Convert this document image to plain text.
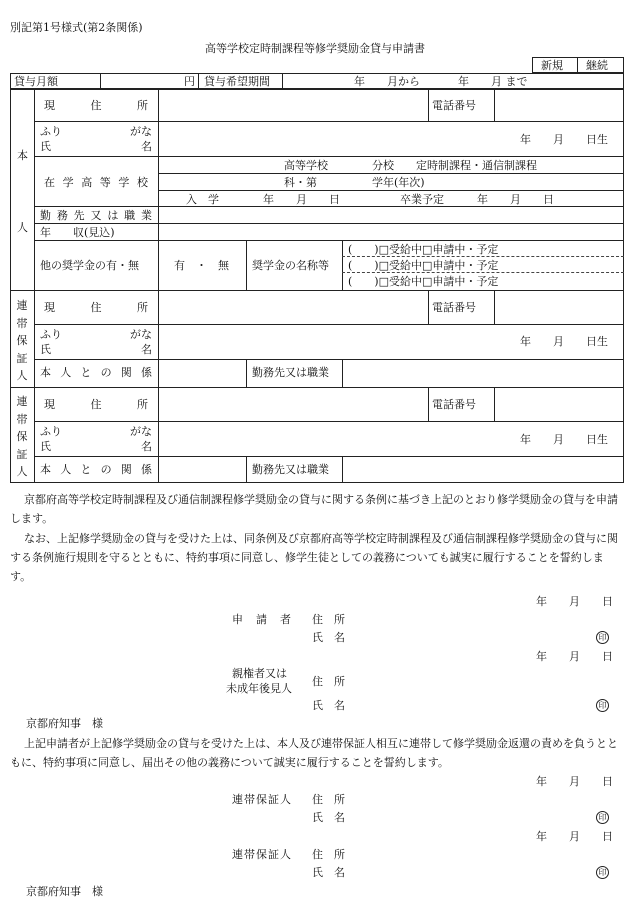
別記第1号様式(第2条関係)
高等学校定時制課程等修学奨励金貸与申請書
新規 継続
貸与月額	円 貸与希望期間	年　　月から	年　　月 まで
本
人
現	住	所	電話番号
ふり	がな
氏	名
年　　月　　日生
在 学 高 等 学 校
高等学校　　　　分校　　定時制課程・通信制課程
科・第　　　　　学年(年次)
入　学　　　　年　　月　　日	卒業予定　　　年　　月　　日
勤 務 先 又 は 職 業
年　　収(見込)
他の奨学金の有・無	有　・　無 奨学金の名称等
(　　)□受給中□申請中・予定
(　　)□受給中□申請中・予定
(　　)□受給中□申請中・予定
連帯保証人
現	住	所	電話番号
ふり	がな
氏	名
年　　月　　日生
本 人 と の 関 係	勤務先又は職業
連帯保証人
現	住	所	電話番号
ふり	がな
氏	名
年　　月　　日生
本 人 と の 関 係	勤務先又は職業
京都府高等学校定時制課程及び通信制課程修学奨励金の貸与に関する条例に基づき上記のとおり修学奨励金の貸与を申請します。
なお、上記修学奨励金の貸与を受けた上は、同条例及び京都府高等学校定時制課程及び通信制課程修学奨励金の貸与に関する条例施行規則を守るとともに、特約事項に同意し、修学生徒としての義務についても誠実に履行することを誓約します。
年　　月　　日
申　請　者 住　所
氏　名	印
年　　月　　日
親権者又は
未成年後見人
住　所
氏　名	印
京都府知事　様
上記申請者が上記修学奨励金の貸与を受けた上は、本人及び連帯保証人相互に連帯して修学奨励金返還の責めを負うとともに、特約事項に同意し、届出その他の義務について誠実に履行することを誓約します。
年　　月　　日
連帯保証人 住　所
氏　名	印
年　　月　　日
連帯保証人 住　所
氏　名	印
京都府知事　様
